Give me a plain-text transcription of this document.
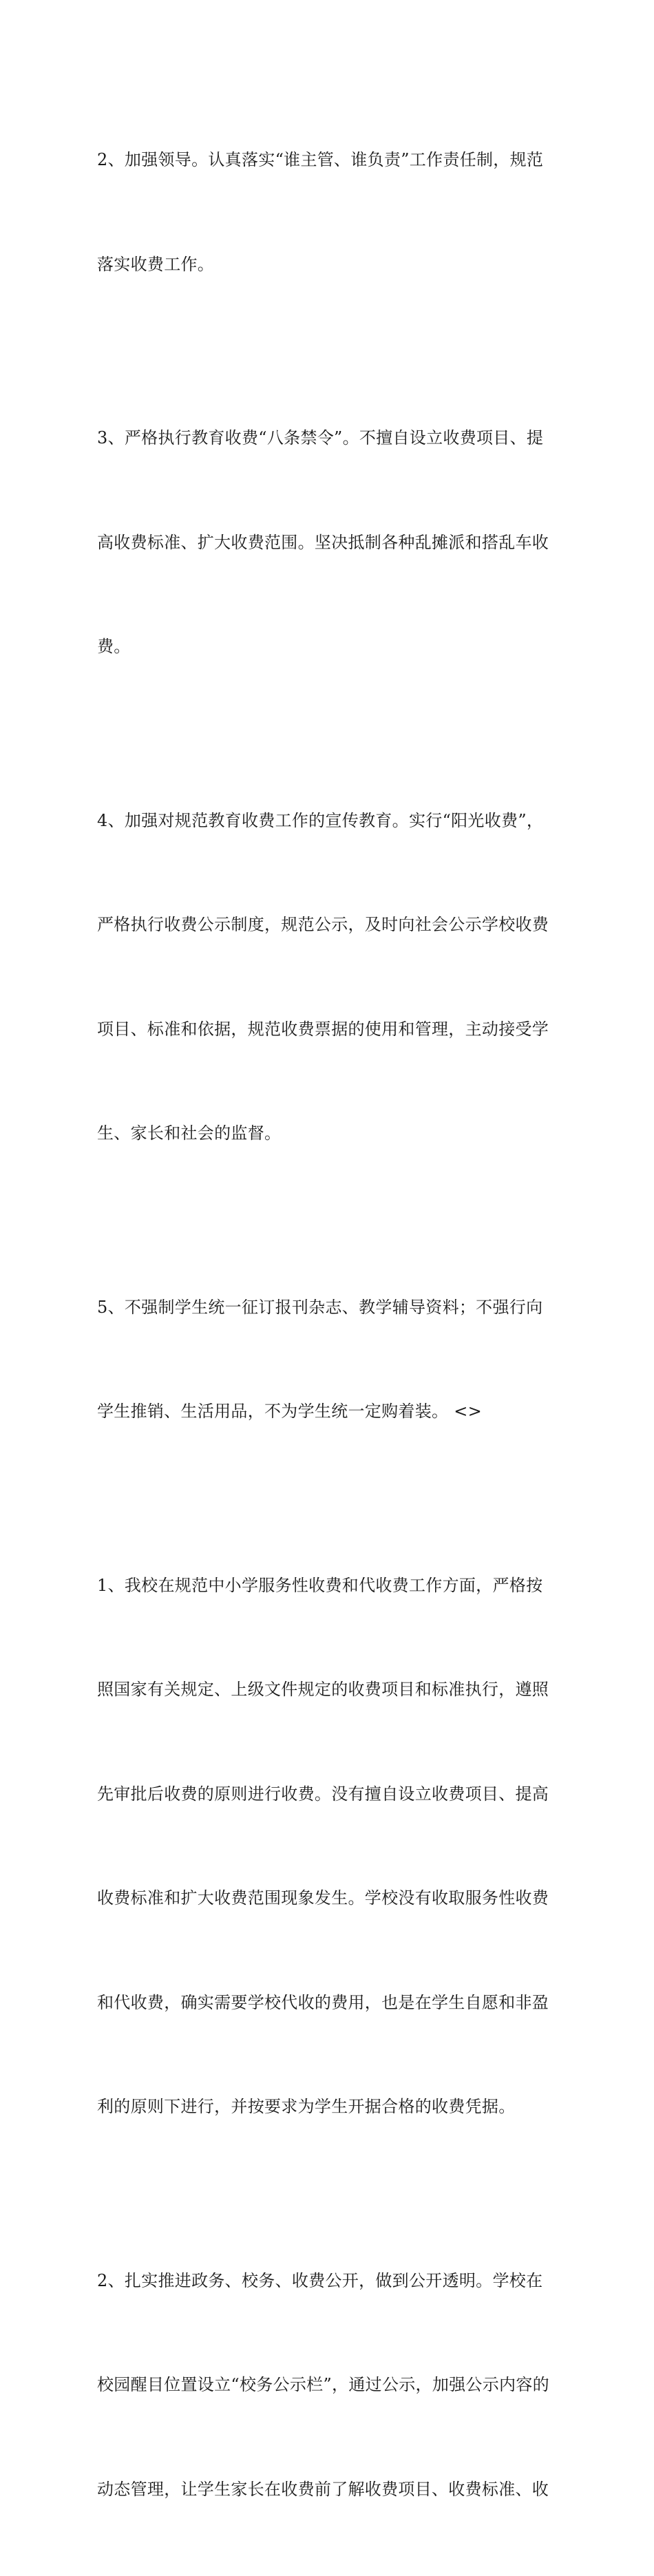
2、加强领导。认真落实“谁主管、谁负责”工作责任制，规范

落实收费工作。

3、严格执行教育收费“八条禁令”。不擅自设立收费项目、提

高收费标准、扩大收费范围。坚决抵制各种乱摊派和搭乱车收

费。

4、加强对规范教育收费工作的宣传教育。实行“阳光收费”，

严格执行收费公示制度，规范公示，及时向社会公示学校收费

项目、标准和依据，规范收费票据的使用和管理，主动接受学

生、家长和社会的监督。

5、不强制学生统一征订报刊杂志、教学辅导资料；不强行向

学生推销、生活用品，不为学生统一定购着装。 <>

1、我校在规范中小学服务性收费和代收费工作方面，严格按

照国家有关规定、上级文件规定的收费项目和标准执行，遵照

先审批后收费的原则进行收费。没有擅自设立收费项目、提高

收费标准和扩大收费范围现象发生。学校没有收取服务性收费

和代收费，确实需要学校代收的费用，也是在学生自愿和非盈

利的原则下进行，并按要求为学生开据合格的收费凭据。

2、扎实推进政务、校务、收费公开，做到公开透明。学校在

校园醒目位置设立“校务公示栏”，通过公示，加强公示内容的

动态管理，让学生家长在收费前了解收费项目、收费标准、收
